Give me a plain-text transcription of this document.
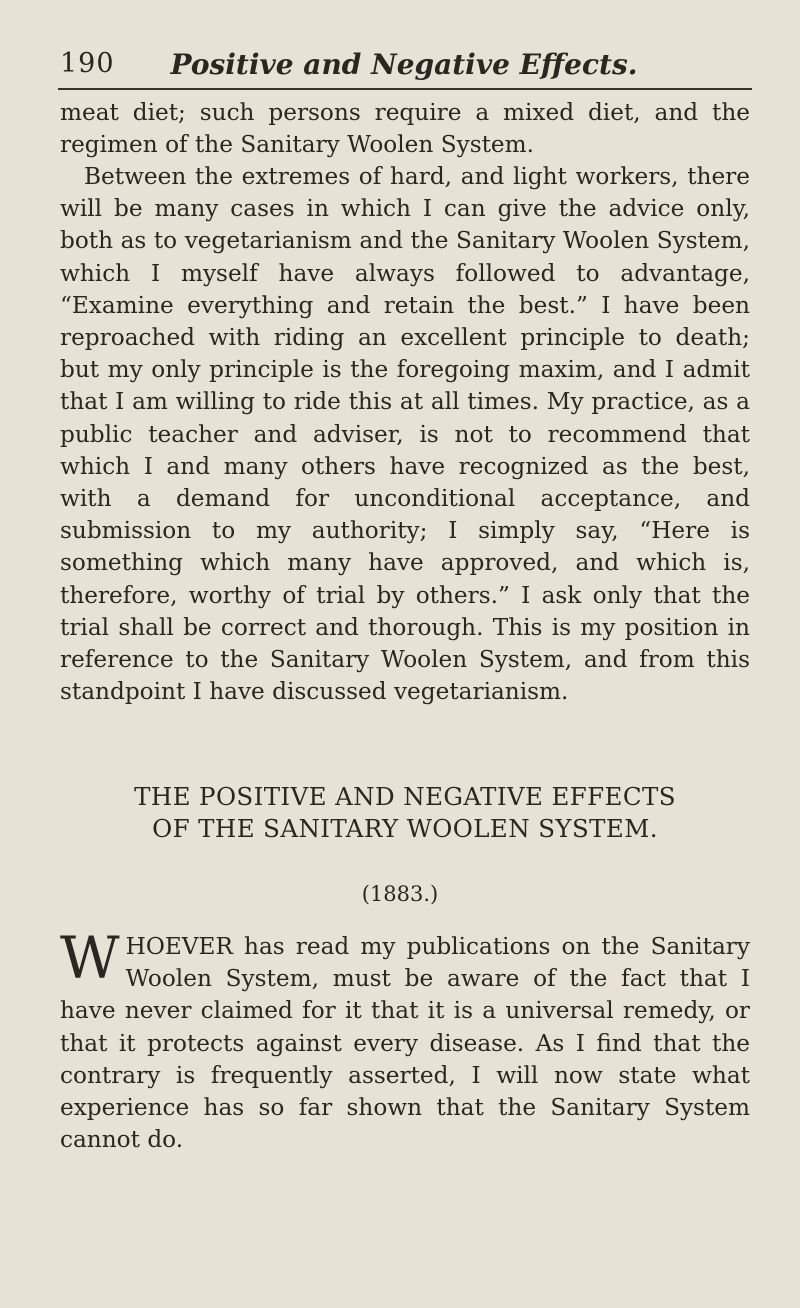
190	Positive and Negative Effects.

meat diet; such persons require a mixed diet, and the regimen of the Sanitary Woolen System.

Between the extremes of hard, and light workers, there will be many cases in which I can give the advice only, both as to vegetarianism and the Sanitary Woolen System, which I myself have always followed to advantage, “Examine everything and retain the best.” I have been reproached with riding an excellent principle to death; but my only principle is the foregoing maxim, and I admit that I am willing to ride this at all times. My practice, as a public teacher and adviser, is not to recommend that which I and many others have recognized as the best, with a demand for unconditional acceptance, and submission to my authority; I simply say, “Here is something which many have approved, and which is, therefore, worthy of trial by others.” I ask only that the trial shall be correct and thorough. This is my position in reference to the Sanitary Woolen System, and from this standpoint I have discussed vegetarianism.

THE POSITIVE AND NEGATIVE EFFECTS
OF THE SANITARY WOOLEN SYSTEM.
(1883.)

WHOEVER has read my publications on the Sanitary Woolen System, must be aware of the fact that I have never claimed for it that it is a universal remedy, or that it protects against every disease. As I find that the contrary is frequently asserted, I will now state what experience has so far shown that the Sanitary System cannot do.
